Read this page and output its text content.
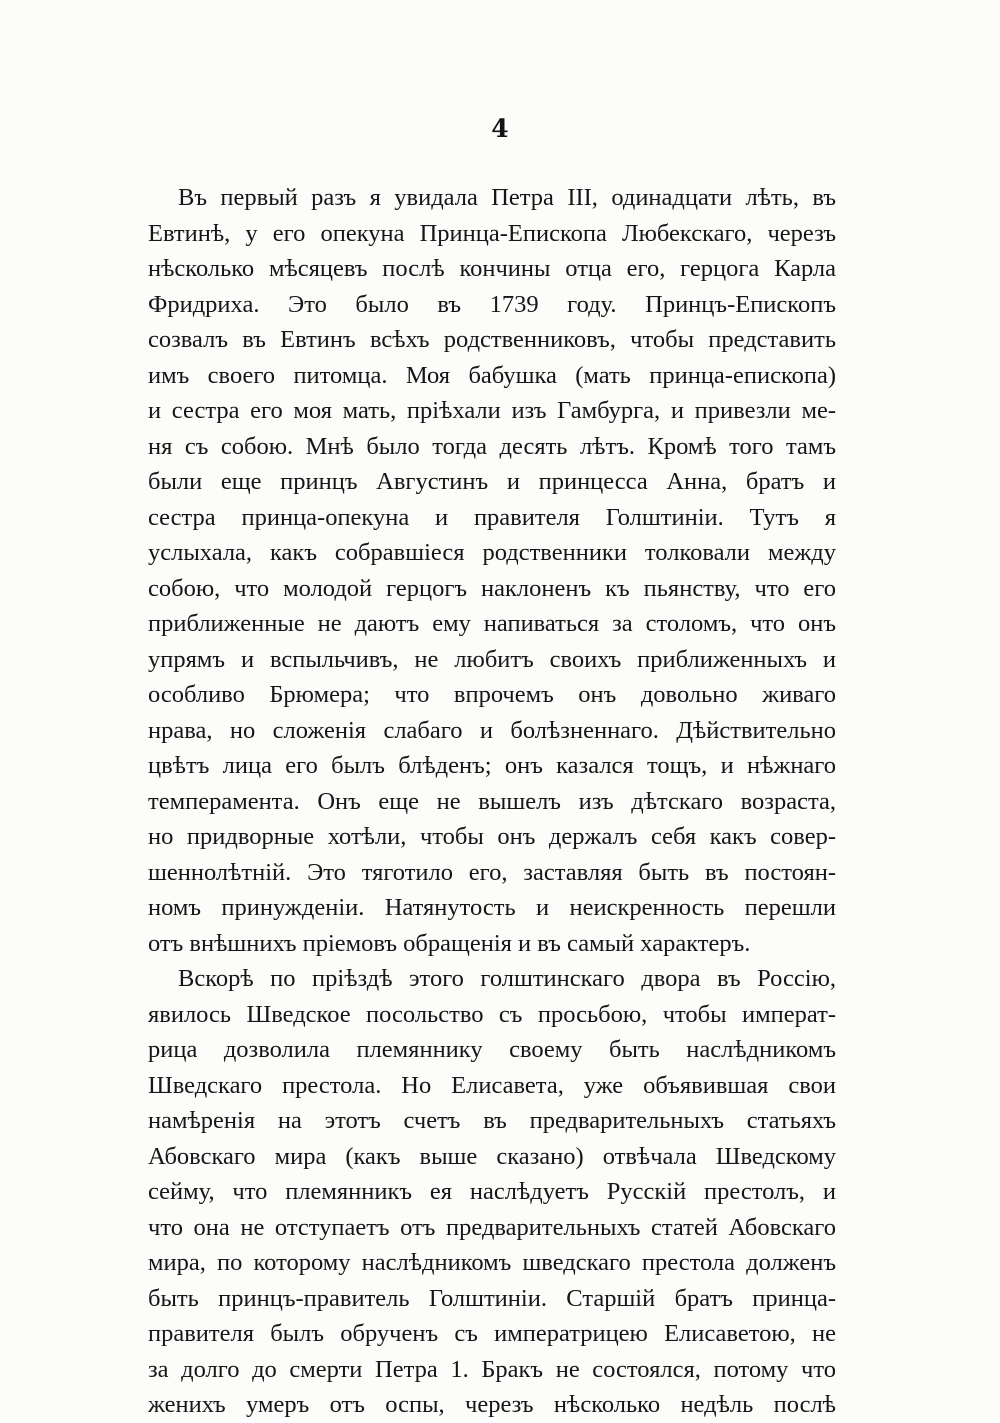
4
Въ первый разъ я увидала Петра III, одинадцати лѣть, въ
Евтинѣ, у его опекуна Принца-Епископа Любекскаго, черезъ
нѣсколько мѣсяцевъ послѣ кончины отца его, герцога Карла
Фридриха. Это было въ 1739 году. Принцъ-Епископъ
созвалъ въ Евтинъ всѣхъ родственниковъ, чтобы представить
имъ своего питомца. Моя бабушка (мать принца-епископа)
и сестра его моя мать, пріѣхали изъ Гамбурга, и привезли ме-
ня съ собою. Мнѣ было тогда десять лѣтъ. Кромѣ того тамъ
были еще принцъ Августинъ и принцесса Анна, братъ и
сестра принца-опекуна и правителя Голштиніи. Тутъ я
услыхала, какъ собравшіеся родственники толковали между
собою, что молодой герцогъ наклоненъ къ пьянству, что его
приближенные не даютъ ему напиваться за столомъ, что онъ
упрямъ и вспыльчивъ, не любитъ своихъ приближенныхъ и
особливо Брюмера; что впрочемъ онъ довольно живаго
нрава, но сложенія слабаго и болѣзненнаго. Дѣйствительно
цвѣтъ лица его былъ блѣденъ; онъ казался тощъ, и нѣжнаго
темперамента. Онъ еще не вышелъ изъ дѣтскаго возраста,
но придворные хотѣли, чтобы онъ держалъ себя какъ совер-
шеннолѣтній. Это тяготило его, заставляя быть въ постоян-
номъ принужденіи. Натянутость и неискренность перешли
отъ внѣшнихъ пріемовъ обращенія и въ самый характеръ.
Вскорѣ по пріѣздѣ этого голштинскаго двора въ Россію,
явилось Шведское посольство съ просьбою, чтобы императ-
рица дозволила племяннику своему быть наслѣдникомъ
Шведскаго престола. Но Елисавета, уже объявившая свои
намѣренія на этотъ счетъ въ предварительныхъ статьяхъ
Абовскаго мира (какъ выше сказано) отвѣчала Шведскому
сейму, что племянникъ ея наслѣдуетъ Русскій престолъ, и
что она не отступаетъ отъ предварительныхъ статей Абовскаго
мира, по которому наслѣдникомъ шведскаго престола долженъ
быть принцъ-правитель Голштиніи. Старшій братъ принца-
правителя былъ обрученъ съ императрицею Елисаветою, не
за долго до смерти Петра 1. Бракъ не состоялся, потому что
женихъ умеръ отъ оспы, черезъ нѣсколько недѣль послѣ
